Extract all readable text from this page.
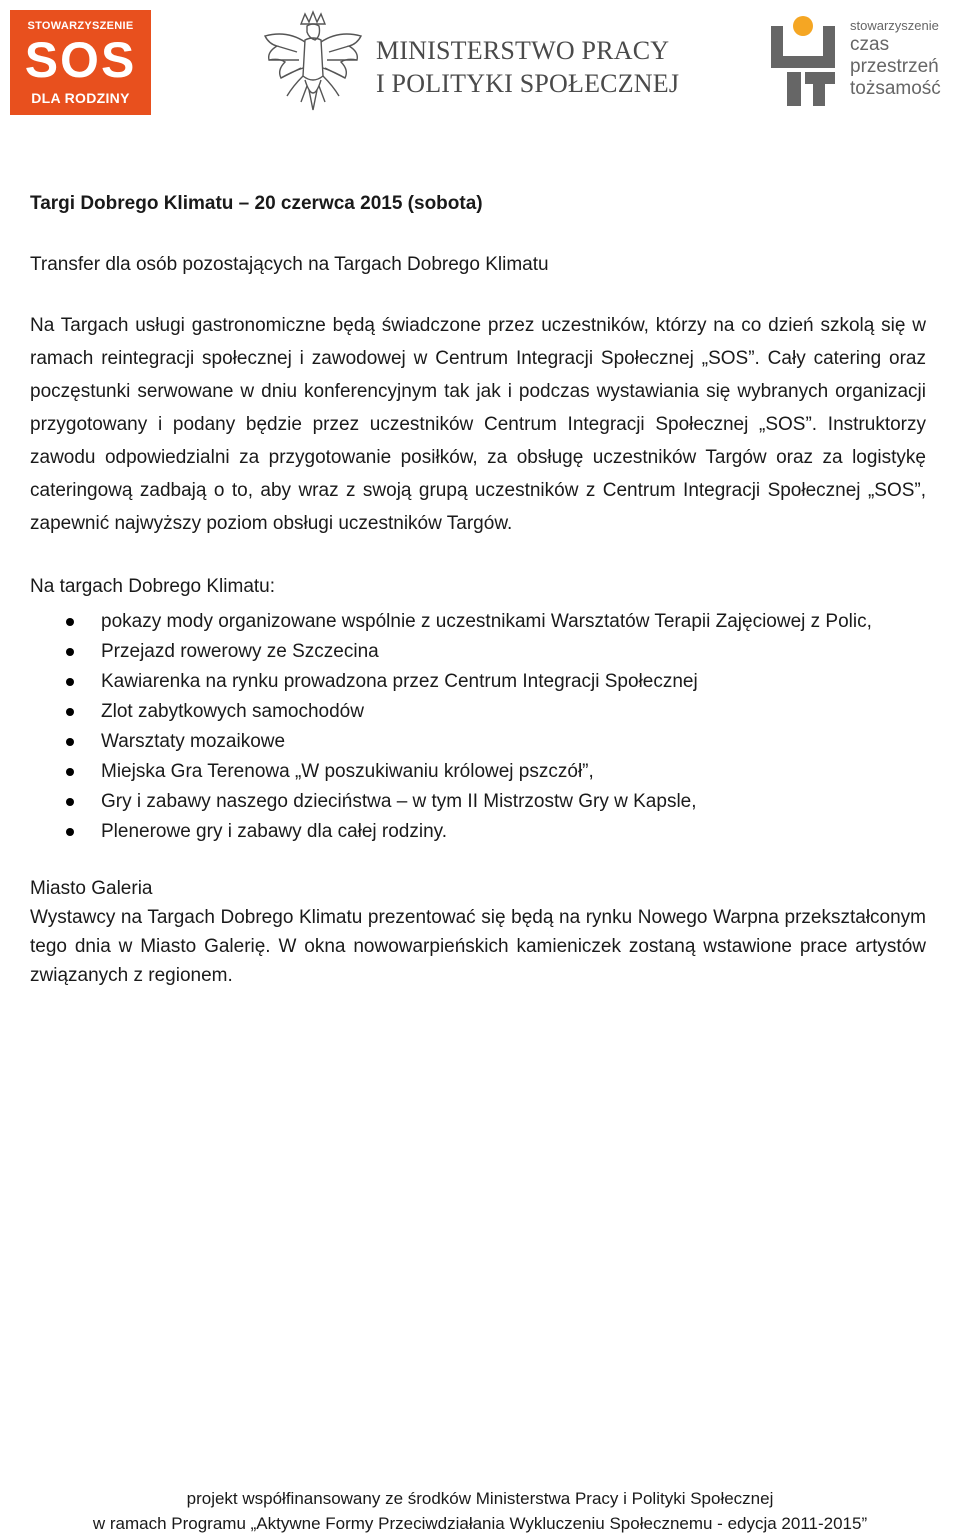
STOWARZYSZENIE
SOS
DLA RODZINY
MINISTERSTWO PRACY
I POLITYKI SPOŁECZNEJ
stowarzyszenie
czas
przestrzeń
tożsamość
Targi Dobrego Klimatu – 20 czerwca 2015 (sobota)

Transfer dla osób pozostających na Targach Dobrego Klimatu

Na Targach usługi gastronomiczne będą świadczone przez uczestników, którzy na co dzień szkolą się w ramach reintegracji społecznej i zawodowej w Centrum Integracji Społecznej „SOS”. Cały catering oraz poczęstunki serwowane w dniu konferencyjnym tak jak i podczas wystawiania się wybranych organizacji przygotowany i podany będzie przez uczestników Centrum Integracji Społecznej „SOS”. Instruktorzy zawodu odpowiedzialni za przygotowanie posiłków, za obsługę uczestników Targów oraz za logistykę cateringową zadbają o to, aby wraz z swoją grupą uczestników z Centrum Integracji Społecznej „SOS”, zapewnić najwyższy poziom obsługi uczestników Targów.

Na targach Dobrego Klimatu:

pokazy mody organizowane wspólnie z uczestnikami Warsztatów Terapii Zajęciowej z Polic,
Przejazd rowerowy ze Szczecina
Kawiarenka na rynku prowadzona przez Centrum Integracji Społecznej
Zlot zabytkowych samochodów
Warsztaty mozaikowe
Miejska Gra Terenowa „W poszukiwaniu królowej pszczół”,
Gry i zabawy naszego dzieciństwa – w tym II Mistrzostw Gry w Kapsle,
Plenerowe gry i zabawy dla całej rodziny.

Miasto Galeria

Wystawcy na Targach Dobrego Klimatu prezentować się będą na rynku Nowego Warpna przekształconym tego dnia w Miasto Galerię. W okna nowowarpieńskich kamieniczek zostaną wstawione prace artystów związanych z regionem.

projekt współfinansowany ze środków Ministerstwa Pracy i Polityki Społecznej
w ramach Programu „Aktywne Formy Przeciwdziałania Wykluczeniu Społecznemu - edycja 2011-2015”
